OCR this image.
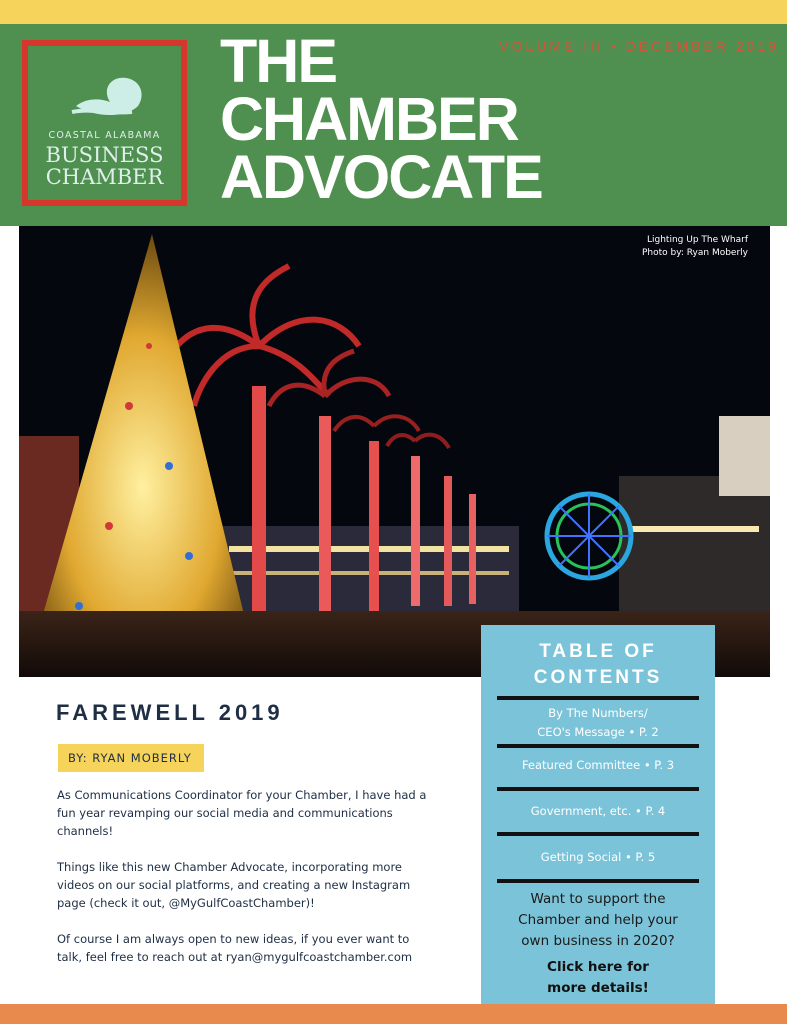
COASTAL ALABAMA
BUSINESS
CHAMBER
THE
CHAMBER
ADVOCATE
VOLUME III • DECEMBER 2019
Lighting Up The Wharf
Photo by: Ryan Moberly
TABLE OF
CONTENTS
By The Numbers/
CEO's Message • P. 2
Featured Committee • P. 3
Government, etc. • P. 4
Getting Social • P. 5
Want to support the
Chamber and help your
own business in 2020?
Click here for
more details!
FAREWELL 2019
BY: RYAN MOBERLY
As Communications Coordinator for your Chamber, I have had a fun year revamping our social media and communications channels!
Things like this new Chamber Advocate, incorporating more videos on our social platforms, and creating a new Instagram page (check it out, @MyGulfCoastChamber)!
Of course I am always open to new ideas, if you ever want to talk, feel free to reach out at ryan@mygulfcoastchamber.com
